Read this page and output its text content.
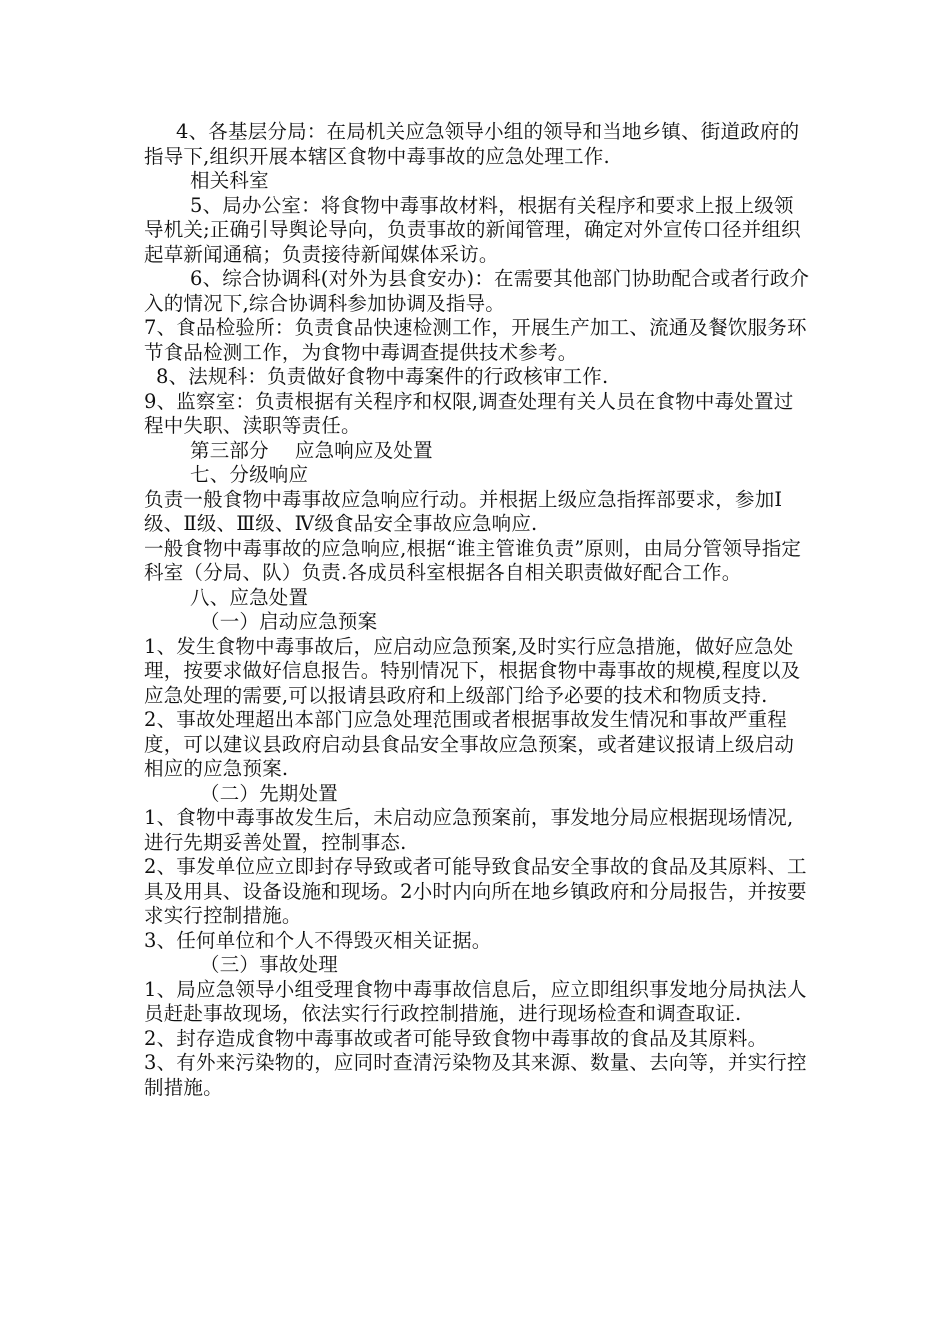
4、各基层分局：在局机关应急领导小组的领导和当地乡镇、街道政府的指导下,组织开展本辖区食物中毒事故的应急处理工作.

相关科室

5、局办公室：将食物中毒事故材料，根据有关程序和要求上报上级领导机关;正确引导舆论导向，负责事故的新闻管理，确定对外宣传口径并组织起草新闻通稿；负责接待新闻媒体采访。

6、综合协调科(对外为县食安办)：在需要其他部门协助配合或者行政介入的情况下,综合协调科参加协调及指导。

7、食品检验所：负责食品快速检测工作，开展生产加工、流通及餐饮服务环节食品检测工作，为食物中毒调查提供技术参考。

8、法规科：负责做好食物中毒案件的行政核审工作.

9、监察室：负责根据有关程序和权限,调查处理有关人员在食物中毒处置过程中失职、渎职等责任。

第三部分　 应急响应及处置

七、分级响应

负责一般食物中毒事故应急响应行动。并根据上级应急指挥部要求，参加Ⅰ级、Ⅱ级、Ⅲ级、Ⅳ级食品安全事故应急响应.

一般食物中毒事故的应急响应,根据“谁主管谁负责”原则，由局分管领导指定科室（分局、队）负责.各成员科室根据各自相关职责做好配合工作。

八、应急处置

（一）启动应急预案

1、发生食物中毒事故后，应启动应急预案,及时实行应急措施，做好应急处理，按要求做好信息报告。特别情况下，根据食物中毒事故的规模,程度以及应急处理的需要,可以报请县政府和上级部门给予必要的技术和物质支持.

2、事故处理超出本部门应急处理范围或者根据事故发生情况和事故严重程度，可以建议县政府启动县食品安全事故应急预案，或者建议报请上级启动相应的应急预案.

（二）先期处置

1、食物中毒事故发生后，未启动应急预案前，事发地分局应根据现场情况,进行先期妥善处置，控制事态.

2、事发单位应立即封存导致或者可能导致食品安全事故的食品及其原料、工具及用具、设备设施和现场。2小时内向所在地乡镇政府和分局报告，并按要求实行控制措施。

3、任何单位和个人不得毁灭相关证据。

（三）事故处理

1、局应急领导小组受理食物中毒事故信息后，应立即组织事发地分局执法人员赶赴事故现场，依法实行行政控制措施，进行现场检查和调查取证.

2、封存造成食物中毒事故或者可能导致食物中毒事故的食品及其原料。

3、有外来污染物的，应同时查清污染物及其来源、数量、去向等，并实行控制措施。
